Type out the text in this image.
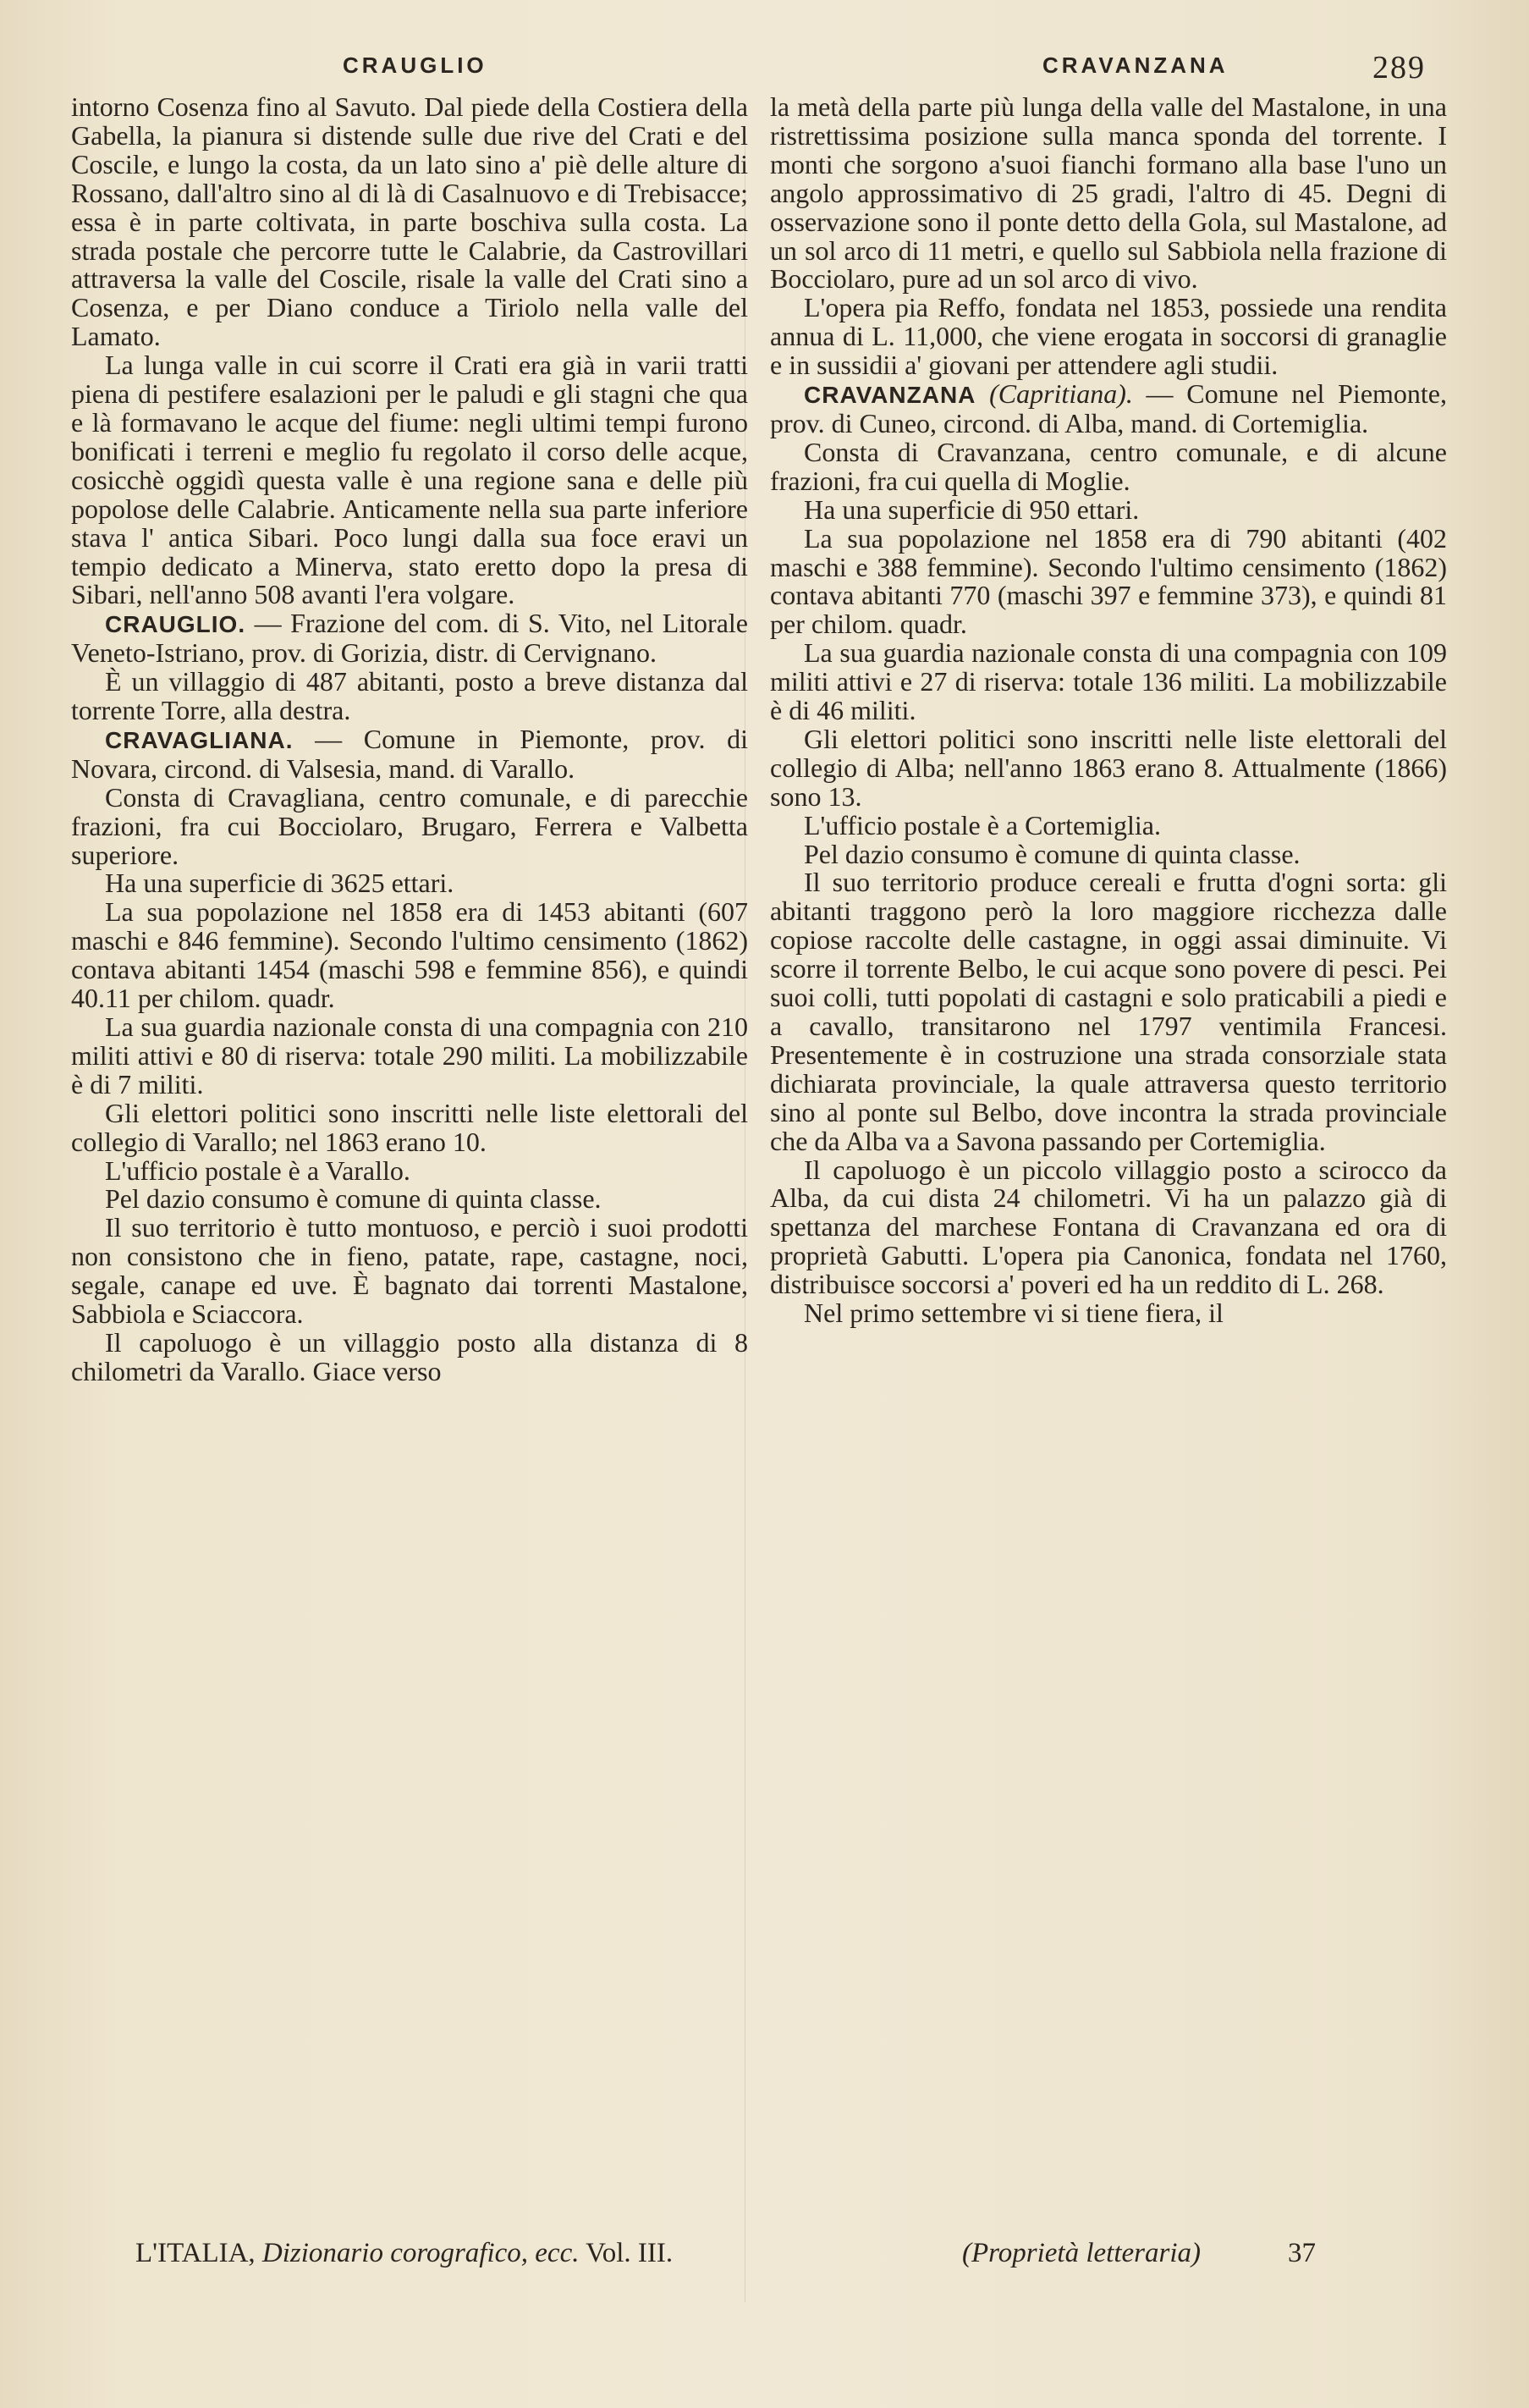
CRAUGLIO	CRAVANZANA	289

intorno Cosenza fino al Savuto. Dal piede della Costiera della Gabella, la pianura si distende sulle due rive del Crati e del Coscile, e lungo la costa, da un lato sino a' piè delle alture di Rossano, dall'altro sino al di là di Casalnuovo e di Trebisacce; essa è in parte coltivata, in parte boschiva sulla costa. La strada postale che percorre tutte le Calabrie, da Castrovillari attraversa la valle del Coscile, risale la valle del Crati sino a Cosenza, e per Diano conduce a Tiriolo nella valle del Lamato.

La lunga valle in cui scorre il Crati era già in varii tratti piena di pestifere esalazioni per le paludi e gli stagni che qua e là formavano le acque del fiume: negli ultimi tempi furono bonificati i terreni e meglio fu regolato il corso delle acque, cosicchè oggidì questa valle è una regione sana e delle più popolose delle Calabrie. Anticamente nella sua parte inferiore stava l' antica Sibari. Poco lungi dalla sua foce eravi un tempio dedicato a Minerva, stato eretto dopo la presa di Sibari, nell'anno 508 avanti l'era volgare.

CRAUGLIO. — Frazione del com. di S. Vito, nel Litorale Veneto-Istriano, prov. di Gorizia, distr. di Cervignano.

È un villaggio di 487 abitanti, posto a breve distanza dal torrente Torre, alla destra.

CRAVAGLIANA. — Comune in Piemonte, prov. di Novara, circond. di Valsesia, mand. di Varallo.

Consta di Cravagliana, centro comunale, e di parecchie frazioni, fra cui Bocciolaro, Brugaro, Ferrera e Valbetta superiore.

Ha una superficie di 3625 ettari.

La sua popolazione nel 1858 era di 1453 abitanti (607 maschi e 846 femmine). Secondo l'ultimo censimento (1862) contava abitanti 1454 (maschi 598 e femmine 856), e quindi 40.11 per chilom. quadr.

La sua guardia nazionale consta di una compagnia con 210 militi attivi e 80 di riserva: totale 290 militi. La mobilizzabile è di 7 militi.

Gli elettori politici sono inscritti nelle liste elettorali del collegio di Varallo; nel 1863 erano 10.

L'ufficio postale è a Varallo.

Pel dazio consumo è comune di quinta classe.

Il suo territorio è tutto montuoso, e perciò i suoi prodotti non consistono che in fieno, patate, rape, castagne, noci, segale, canape ed uve. È bagnato dai torrenti Mastalone, Sabbiola e Sciaccora.

Il capoluogo è un villaggio posto alla distanza di 8 chilometri da Varallo. Giace verso

la metà della parte più lunga della valle del Mastalone, in una ristrettissima posizione sulla manca sponda del torrente. I monti che sorgono a'suoi fianchi formano alla base l'uno un angolo approssimativo di 25 gradi, l'altro di 45. Degni di osservazione sono il ponte detto della Gola, sul Mastalone, ad un sol arco di 11 metri, e quello sul Sabbiola nella frazione di Bocciolaro, pure ad un sol arco di vivo.

L'opera pia Reffo, fondata nel 1853, possiede una rendita annua di L. 11,000, che viene erogata in soccorsi di granaglie e in sussidii a' giovani per attendere agli studii.

CRAVANZANA (Capritiana). — Comune nel Piemonte, prov. di Cuneo, circond. di Alba, mand. di Cortemiglia.

Consta di Cravanzana, centro comunale, e di alcune frazioni, fra cui quella di Moglie.

Ha una superficie di 950 ettari.

La sua popolazione nel 1858 era di 790 abitanti (402 maschi e 388 femmine). Secondo l'ultimo censimento (1862) contava abitanti 770 (maschi 397 e femmine 373), e quindi 81 per chilom. quadr.

La sua guardia nazionale consta di una compagnia con 109 militi attivi e 27 di riserva: totale 136 militi. La mobilizzabile è di 46 militi.

Gli elettori politici sono inscritti nelle liste elettorali del collegio di Alba; nell'anno 1863 erano 8. Attualmente (1866) sono 13.

L'ufficio postale è a Cortemiglia.

Pel dazio consumo è comune di quinta classe.

Il suo territorio produce cereali e frutta d'ogni sorta: gli abitanti traggono però la loro maggiore ricchezza dalle copiose raccolte delle castagne, in oggi assai diminuite. Vi scorre il torrente Belbo, le cui acque sono povere di pesci. Pei suoi colli, tutti popolati di castagni e solo praticabili a piedi e a cavallo, transitarono nel 1797 ventimila Francesi. Presentemente è in costruzione una strada consorziale stata dichiarata provinciale, la quale attraversa questo territorio sino al ponte sul Belbo, dove incontra la strada provinciale che da Alba va a Savona passando per Cortemiglia.

Il capoluogo è un piccolo villaggio posto a scirocco da Alba, da cui dista 24 chilometri. Vi ha un palazzo già di spettanza del marchese Fontana di Cravanzana ed ora di proprietà Gabutti. L'opera pia Canonica, fondata nel 1760, distribuisce soccorsi a' poveri ed ha un reddito di L. 268.

Nel primo settembre vi si tiene fiera, il

L'ITALIA, Dizionario corografico, ecc. Vol. III.	(Proprietà letteraria)	37
